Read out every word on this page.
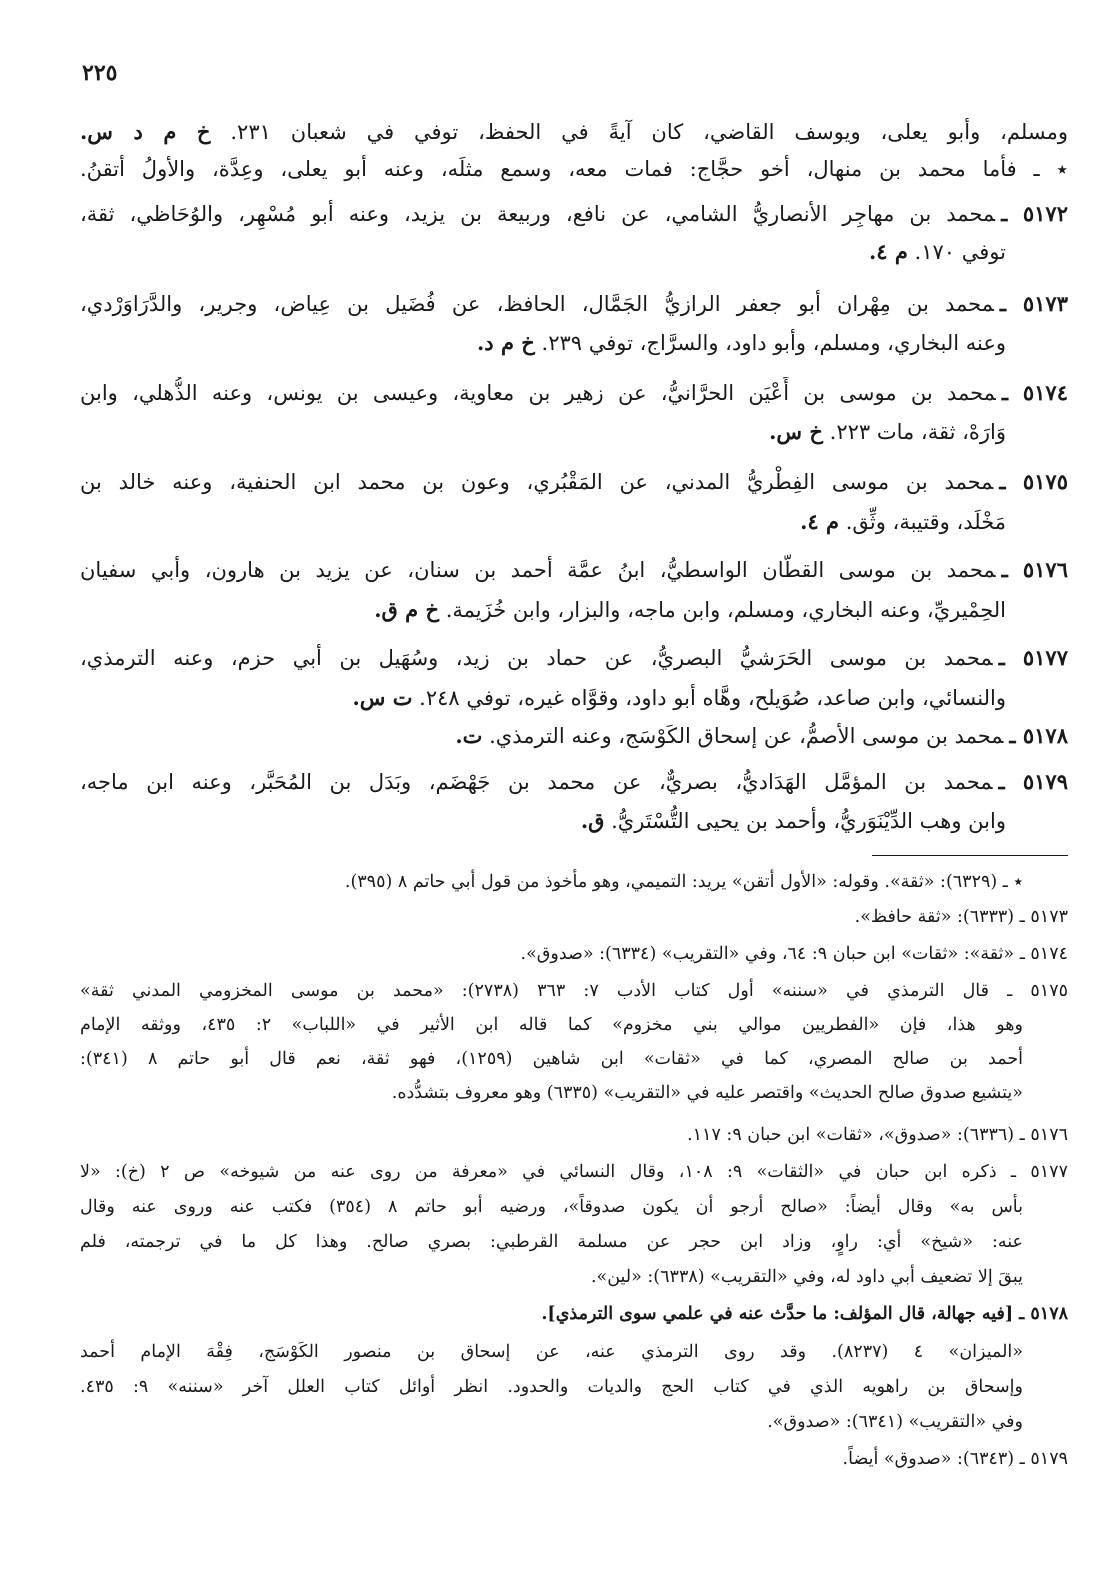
٢٢٥
ومسلم، وأبو يعلى، ويوسف القاضي، كان آيةً في الحفظ، توفي في شعبان ٢٣١. خ م د س.
٭ ـ فأما محمد بن منهال، أخو حجَّاج: فمات معه، وسمع مثلَه، وعنه أبو يعلى، وعِدَّة، والأولُ أتقنُ.
٥١٧٢ ـمحمد بن مهاجِر الأنصاريُّ الشامي، عن نافع، وربيعة بن يزيد، وعنه أبو مُسْهِر، والوُحَاظي، ثقة،
توفي ١٧٠. م ٤.
٥١٧٣ ـمحمد بن مِهْران أبو جعفر الرازيُّ الجَمَّال، الحافظ، عن فُضَيل بن عِياض، وجرير، والدَّرَاوَرْدي،
وعنه البخاري، ومسلم، وأبو داود، والسرَّاج، توفي ٢٣٩. خ م د.
٥١٧٤ ـمحمد بن موسى بن أَعْيَن الحرَّانيُّ، عن زهير بن معاوية، وعيسى بن يونس، وعنه الذُّهلي، وابن
وَارَهْ، ثقة، مات ٢٢٣. خ س.
٥١٧٥ ـمحمد بن موسى الفِطْريُّ المدني، عن المَقْبُري، وعون بن محمد ابن الحنفية، وعنه خالد بن
مَخْلَد، وقتيبة، وثِّق. م ٤.
٥١٧٦ ـمحمد بن موسى القطَّان الواسطيُّ، ابنُ عمَّة أحمد بن سنان، عن يزيد بن هارون، وأبي سفيان
الحِمْيريِّ، وعنه البخاري، ومسلم، وابن ماجه، والبزار، وابن خُزَيمة. خ م ق.
٥١٧٧ ـمحمد بن موسى الحَرَشيُّ البصريُّ، عن حماد بن زيد، وسُهَيل بن أبي حزم، وعنه الترمذي،
والنسائي، وابن صاعد، صُوَيلح، وهَّاه أبو داود، وقوَّاه غيره، توفي ٢٤٨. ت س.
٥١٧٨ ـمحمد بن موسى الأصمُّ، عن إسحاق الكَوْسَج، وعنه الترمذي. ت.
٥١٧٩ ـمحمد بن المؤمَّل الهَدَاديُّ، بصريٌّ، عن محمد بن جَهْضَم، وبَدَل بن المُحَبَّر، وعنه ابن ماجه،
وابن وهب الدِّيْنَوَريُّ، وأحمد بن يحيى التُّسْتَريُّ. ق.
٭ ـ (٦٣٢٩): «ثقة». وقوله: «الأول أتقن» يريد: التميمي، وهو مأخوذ من قول أبي حاتم ٨ (٣٩٥).
٥١٧٣ ـ (٦٣٣٣): «ثقة حافظ».
٥١٧٤ ـ «ثقة»: «ثقات» ابن حبان ٩: ٦٤، وفي «التقريب» (٦٣٣٤): «صدوق».
٥١٧٥ ـ قال الترمذي في «سننه» أول كتاب الأدب ٧: ٣٦٣ (٢٧٣٨): «محمد بن موسى المخزومي المدني ثقة»
وهو هذا، فإن «الفطريين موالي بني مخزوم» كما قاله ابن الأثير في «اللباب» ٢: ٤٣٥، ووثقه الإمام
أحمد بن صالح المصري، كما في «ثقات» ابن شاهين (١٢٥٩)، فهو ثقة، نعم قال أبو حاتم ٨ (٣٤١):
«يتشيع صدوق صالح الحديث» واقتصر عليه في «التقريب» (٦٣٣٥) وهو معروف بتشدُّده.
٥١٧٦ ـ (٦٣٣٦): «صدوق»، «ثقات» ابن حبان ٩: ١١٧.
٥١٧٧ ـ ذكره ابن حبان في «الثقات» ٩: ١٠٨، وقال النسائي في «معرفة من روى عنه من شيوخه» ص ٢ (خ): «لا
بأس به» وقال أيضاً: «صالح أرجو أن يكون صدوقاً»، ورضيه أبو حاتم ٨ (٣٥٤) فكتب عنه وروى عنه وقال
عنه: «شيخ» أي: راوٍ، وزاد ابن حجر عن مسلمة القرطبي: بصري صالح. وهذا كل ما في ترجمته، فلم
يبقَ إلا تضعيف أبي داود له، وفي «التقريب» (٦٣٣٨): «لين».
٥١٧٨ ـ[فيه جهالة، قال المؤلف: ما حدَّث عنه في علمي سوى الترمذي].
«الميزان» ٤ (٨٢٣٧). وقد روى الترمذي عنه، عن إسحاق بن منصور الكَوْسَج، فِقْهَ الإمام أحمد
وإسحاق بن راهويه الذي في كتاب الحج والديات والحدود. انظر أوائل كتاب العلل آخر «سننه» ٩: ٤٣٥.
وفي «التقريب» (٦٣٤١): «صدوق».
٥١٧٩ ـ (٦٣٤٣): «صدوق» أيضاً.
